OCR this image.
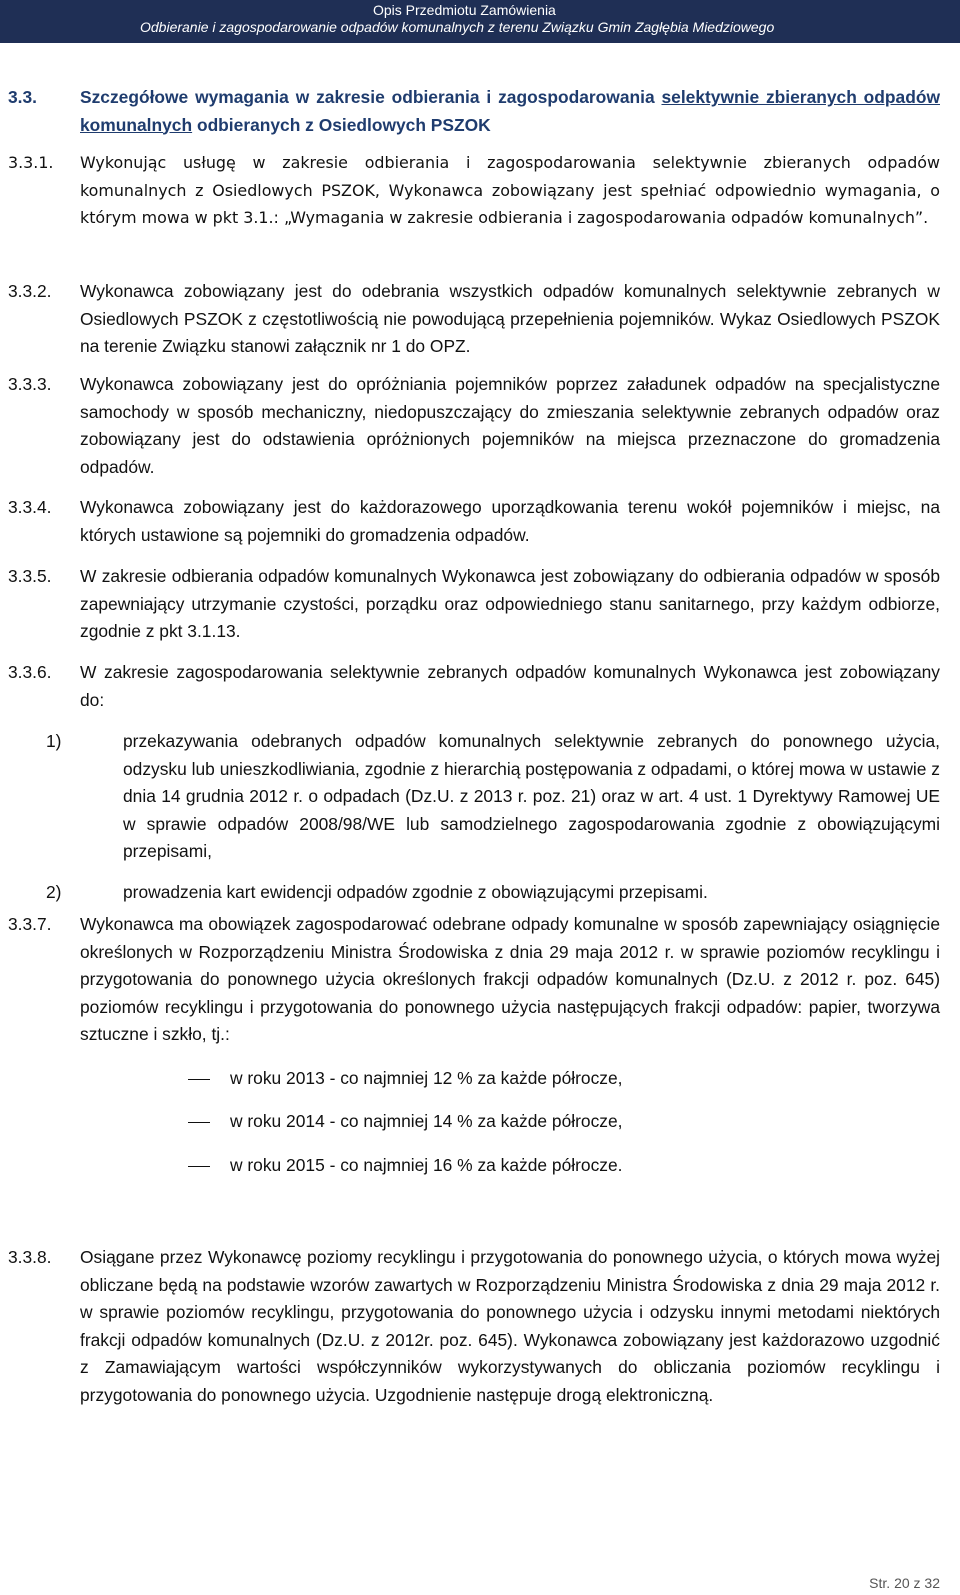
Opis Przedmiotu Zamówienia
Odbieranie i zagospodarowanie odpadów komunalnych z terenu Związku Gmin Zagłębia Miedziowego
3.3.	Szczegółowe wymagania w zakresie odbierania i zagospodarowania selektywnie zbieranych odpadów komunalnych odbieranych z Osiedlowych PSZOK
3.3.1.	Wykonując usługę w zakresie odbierania i zagospodarowania selektywnie zbieranych odpadów komunalnych z Osiedlowych PSZOK, Wykonawca zobowiązany jest spełniać odpowiednio wymagania, o którym mowa w pkt 3.1.: „Wymagania w zakresie odbierania i zagospodarowania odpadów komunalnych”.
3.3.2.	Wykonawca zobowiązany jest do odebrania wszystkich odpadów komunalnych selektywnie zebranych w Osiedlowych PSZOK z częstotliwością nie powodującą przepełnienia pojemników. Wykaz Osiedlowych PSZOK na terenie Związku stanowi załącznik nr 1 do OPZ.
3.3.3.	Wykonawca zobowiązany jest do opróżniania pojemników poprzez załadunek odpadów na specjalistyczne samochody w sposób mechaniczny, niedopuszczający do zmieszania selektywnie zebranych odpadów oraz zobowiązany jest do odstawienia opróżnionych pojemników na miejsca przeznaczone do gromadzenia odpadów.
3.3.4.	Wykonawca zobowiązany jest do każdorazowego uporządkowania terenu wokół pojemników i miejsc, na których ustawione są pojemniki do gromadzenia odpadów.
3.3.5.	W zakresie odbierania odpadów komunalnych Wykonawca jest zobowiązany do odbierania odpadów w sposób zapewniający utrzymanie czystości, porządku oraz odpowiedniego stanu sanitarnego, przy każdym odbiorze, zgodnie z pkt 3.1.13.
3.3.6.	W zakresie zagospodarowania selektywnie zebranych odpadów komunalnych Wykonawca jest zobowiązany do:
1)	przekazywania odebranych odpadów komunalnych selektywnie zebranych do ponownego użycia, odzysku lub unieszkodliwiania, zgodnie z hierarchią postępowania z odpadami, o której mowa w ustawie z dnia 14 grudnia 2012 r. o odpadach (Dz.U. z 2013 r. poz. 21) oraz w art. 4 ust. 1 Dyrektywy Ramowej UE w sprawie odpadów 2008/98/WE lub samodzielnego zagospodarowania zgodnie z obowiązującymi przepisami,
2)	prowadzenia kart ewidencji odpadów zgodnie z obowiązującymi przepisami.
3.3.7.	Wykonawca ma obowiązek zagospodarować odebrane odpady komunalne w sposób zapewniający osiągnięcie określonych w Rozporządzeniu Ministra Środowiska z dnia 29 maja 2012 r. w sprawie poziomów recyklingu i przygotowania do ponownego użycia określonych frakcji odpadów komunalnych (Dz.U. z 2012 r. poz. 645) poziomów recyklingu i przygotowania do ponownego użycia następujących frakcji odpadów: papier, tworzywa sztuczne i szkło, tj.:
w roku 2013 - co najmniej 12 % za każde półrocze,
w roku 2014 - co najmniej 14 % za każde półrocze,
w roku 2015 - co najmniej 16 % za każde półrocze.
3.3.8.	Osiągane przez Wykonawcę poziomy recyklingu i przygotowania do ponownego użycia, o których mowa wyżej obliczane będą na podstawie wzorów zawartych w Rozporządzeniu Ministra Środowiska z dnia 29 maja 2012 r. w sprawie poziomów recyklingu, przygotowania do ponownego użycia i odzysku innymi metodami niektórych frakcji odpadów komunalnych (Dz.U. z 2012r. poz. 645). Wykonawca zobowiązany jest każdorazowo uzgodnić z Zamawiającym wartości współczynników wykorzystywanych do obliczania poziomów recyklingu i przygotowania do ponownego użycia. Uzgodnienie następuje drogą elektroniczną.
Str. 20 z 32
